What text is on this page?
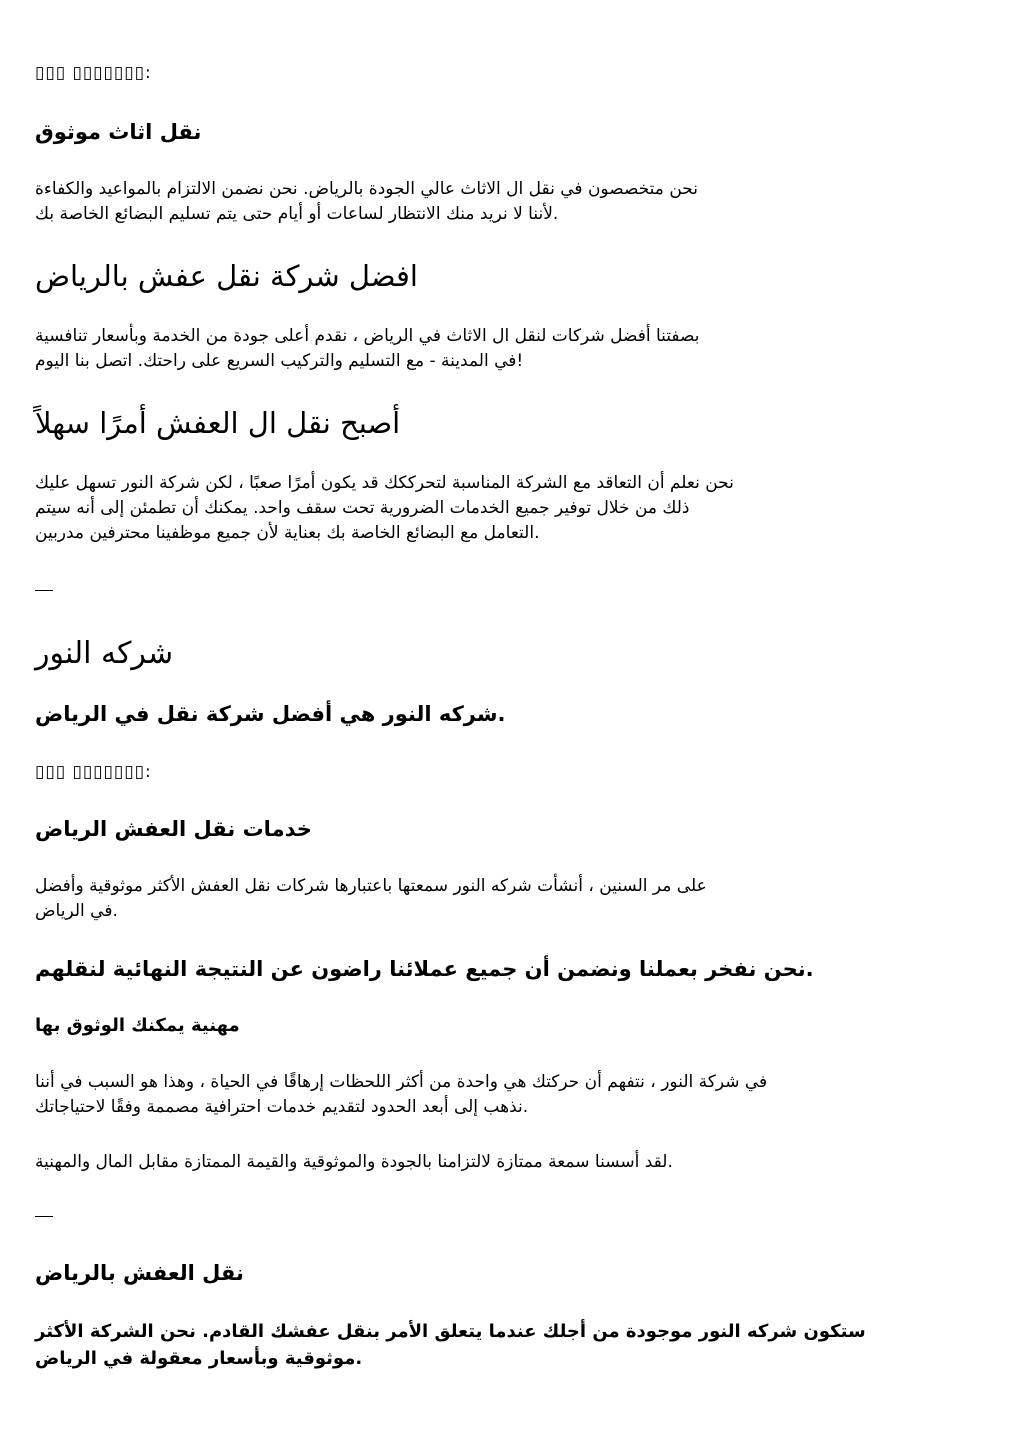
▯▯▯ ▯▯▯▯▯▯▯:
نقل اثاث موثوق
نحن متخصصون في نقل ال الاثاث عالي الجودة بالرياض. نحن نضمن الالتزام بالمواعيد والكفاءة
لأننا لا نريد منك الانتظار لساعات أو أيام حتى يتم تسليم البضائع الخاصة بك.
افضل شركة نقل عفش بالرياض
بصفتنا أفضل شركات لنقل ال الاثاث في الرياض ، نقدم أعلى جودة من الخدمة وبأسعار تنافسية
في المدينة - مع التسليم والتركيب السريع على راحتك. اتصل بنا اليوم!
أصبح نقل ال العفش أمرًا سهلاً
نحن نعلم أن التعاقد مع الشركة المناسبة لتحرككك قد يكون أمرًا صعبًا ، لكن شركة النور تسهل عليك
ذلك من خلال توفير جميع الخدمات الضرورية تحت سقف واحد. يمكنك أن تطمئن إلى أنه سيتم
التعامل مع البضائع الخاصة بك بعناية لأن جميع موظفينا محترفين مدربين.
شركه النور
شركه النور هي أفضل شركة نقل في الرياض.
▯▯▯ ▯▯▯▯▯▯▯:
خدمات نقل العفش الرياض
على مر السنين ، أنشأت شركه النور سمعتها باعتبارها شركات نقل العفش الأكثر موثوقية وأفضل
في الرياض.
نحن نفخر بعملنا ونضمن أن جميع عملائنا راضون عن النتيجة النهائية لنقلهم.
مهنية يمكنك الوثوق بها
في شركة النور ، نتفهم أن حركتك هي واحدة من أكثر اللحظات إرهاقًا في الحياة ، وهذا هو السبب في أننا
نذهب إلى أبعد الحدود لتقديم خدمات احترافية مصممة وفقًا لاحتياجاتك.
لقد أسسنا سمعة ممتازة لالتزامنا بالجودة والموثوقية والقيمة الممتازة مقابل المال والمهنية.
نقل العفش بالرياض
ستكون شركه النور موجودة من أجلك عندما يتعلق الأمر بنقل عفشك القادم. نحن الشركة الأكثر
موثوقية وبأسعار معقولة في الرياض.
